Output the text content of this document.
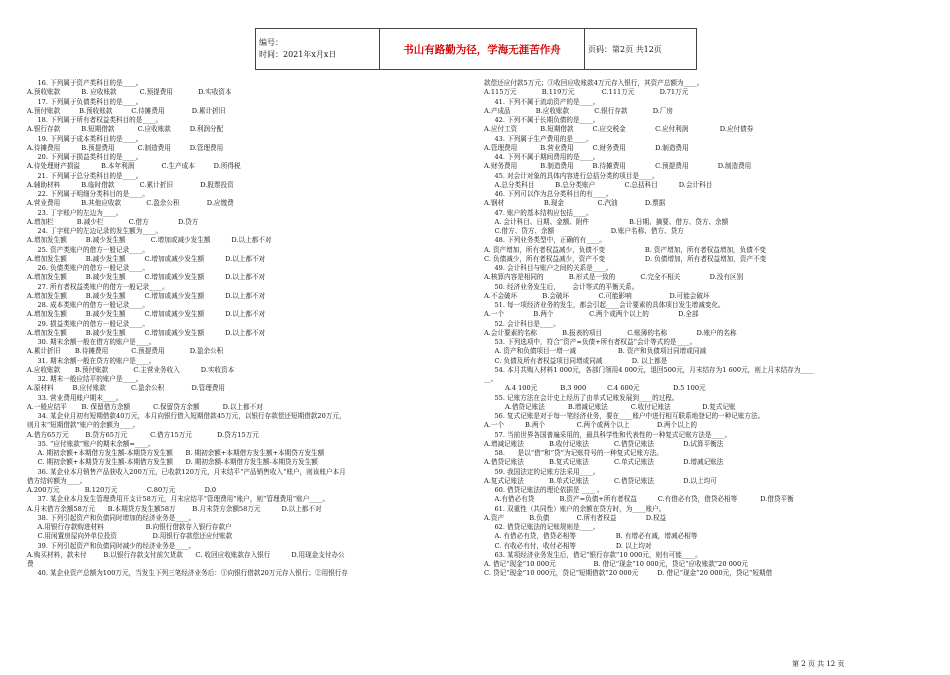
编号：
时间：2021年x月x日	书山有路勤为径，学海无涯苦作舟	页码：第2页 共12页
16. 下列属于资产类科目的是____。
A.预收账款          B. 应收账款           C.预提费用            D.实收资本
17. 下列属于负债类科目的是____。
A.预付账款         B.预收账款         C.待摊费用             D.累计折旧
18. 下列属于所有者权益类科目的是____。
A.银行存款          B.短期借款           C.应收账款         D.利润分配
19. 下列属于成本类科目的是____。
A.待摊费用          B.预提费用           C.制造费用         D.管理费用
20. 下列属于损益类科目的是____。
A.待处理财产损溢          B.本年利润             C.生产成本         D.所得税
21. 下列属于总分类科目的是____。
A.辅助材料          B.临时借款            C.累计折旧             D.股票投资
22. 下列属于明细分类科目的是____。
A.营业费用          B.其他应收款            C.盈余公积             D.应缴费
23. 丁字账户的左边为____。
A.增加栏           B.减少栏            C.借方              D.贷方
24. 丁字账户的左边记录的发生额为____。
A.增加发生额         B.减少发生额            C.增加或减少发生额          D.以上都不对
25. 资产类账户的借方一般记录____。
A.增加发生额         B.减少发生额         C.增加或减少发生额          D.以上都不对
26. 负债类账户的借方一般记录____。
A.增加发生额         B.减少发生额         C.增加或减少发生额          D.以上都不对
27. 所有者权益类账户的借方一般记录____。
A.增加发生额         B.减少发生额         C.增加或减少发生额          D.以上都不对
28. 成本类账户的借方一般记录____。
A.增加发生额         B.减少发生额         C.增加或减少发生额          D.以上都不对
29. 损益类账户的借方一般记录____。
A.增加发生额         B.减少发生额         C.增加或减少发生额          D.以上都不对
30. 期末余额一般在借方的账户是____。
A.累计折旧       B.待摊费用           C.预提费用            D.盈余公积
31. 期末余额一般在贷方的账户是____。
A.应收账款       B.预付账款            C.主营业务收入          D.实收资本
32. 期末一般应结平的账户是____。
A.原材料         B.应付账款            C.盈余公积             D.管理费用
33. 营业费用账户期末____。
A.一般应结平       B. 保留借方余额           C.保留贷方余额           D.以上都不对
34. 某企业月初有短期借款40万元，本月向银行借入短期借款45万元，以银行存款偿还短期借款20万元，
则月末“短期借款”账户的余额为____。
A.借方65万元        B.贷方65万元           C.借方15万元            D.贷方15万元
35. “应付账款”账户的期末余额=____。
A. 期初余额+本期借方发生额-本期贷方发生额      B. 期初余额+本期借方发生额+本期贷方发生额
C. 期初余额+本期贷方发生额-本期借方发生额      D. 期初余额-本期借方发生额-本期贷方发生额
36. 某企业本月销售产品获收入200万元，已收款120万元，月末结平“产品销售收入”账户，则该账户本月
借方结转额为____。
A.200万元            B.120万元              C.80万元              D.0
37. 某企业本月发生管理费用开支计58万元，月末应结平“管理费用”账户，则“管理费用”账户____。
A.月末借方余额58万元      B.本期贷方发生额58万        B.月末贷方余额58万元          D.以上都不对
38. 下列引起资产和负债同时增加的经济业务是____。
A.用银行存款购进材料                    B.向银行借款存入银行存款户
C.用闲置房屋向外单位投资                 D.用银行存款偿还应付账款
39. 下列引起资产和负债同时减少的经济业务是____。
A.购买材料，款未付        B.以银行存款支付前欠货款      C. 收回应收账款存入银行          D.用现金支付办公
费
40. 某企业资产总额为100万元，当发生下列三笔经济业务后：①向银行借款20万元存入银行；②用银行存
款偿还应付款5万元；③收回应收账款4万元存入银行，其资产总额为____。
A.115万元            B.119万元             C.111万元            D.71万元
41. 下列不属于流动资产的是____。
A.产成品            B.应收账款            C.银行存款            D.厂房
42. 下列不属于长期负债的是____。
A.应付工资           B.短期借款         C.应交税金              C.应付利润               D.应付债券
43. 下列属于生产费用的是____。
A.管理费用           B.营业费用         C.财务费用              D.制造费用
44. 下列不属于期间费用的是____。
A.财务费用           B.制造费用         B.待摊费用              C.预提费用              D.制造费用
45. 对会计对象的具体内容进行总括分类的项目是____。
A.总分类科目          B.总分类账户              C.总括科目          D.会计科目
46. 下列可以作为总分类科目的有____。
A.钢材                   B.现金                C.汽油             D.票据
47. 账户的基本结构应包括____。
A. 会计科目、日期、金额、附件                   B.日期、摘要、借方、贷方、余额
C.借方、贷方、余额                           D.账户名称、借方、贷方
48. 下列业务类型中，正确的有____。
A. 资产增加，所有者权益减少，负债不变                   B. 资产增加，所有者权益增加，负债不变
C. 负债减少，所有者权益减少，资产不变                   D. 负债增加，所有者权益增加，资产不变
49. 会计科目与账户之间的关系是____。
A.核算内容是相同的            B.形式是一致的            C.完全不相关              D.没有区别
50. 经济业务发生后，      会计等式的平衡关系。
A.不会破坏            B.会破坏              C.可能影响                  D.可能会破坏
51. 每一项经济业务的发生，都会引起____会计要素的具体项目发生增减变化。
A.一个              B.两个                 C.两个或两个以上的              D.全部
52. 会计科目是____。
A.会计要素的名称            B.报表的项目            C.账簿的名称              D.账户的名称
53. 下列选项中，符合“资产=负债+所有者权益”会计等式的是____。
A. 资产和负债项目一增一减                    B. 资产和负债项目同增或同减
C. 负债及所有者权益项目同增或同减              D. 以上都是
54. 本月共购入材料1 000元，各部门领用4 000元，退回500元，月末结存为1 600元，则上月末结存为____
__。
A.4 100元           B.3 900          C.4 600元                D.5 100元
55. 记账方法在会计史上经历了由单式记账发展到____的过程。
A.借贷记账法           B.增减记账法           C.收付记账法               D.复式记账
56. 复式记账是对于每一笔经济业务，要在____账户中进行相互联系地登记的一种记账方法。
A.一个          B.两个               C.两个或两个以上             D.两个以上的
57. 当前世界各国普遍采用的，最具科学性和代表性的一种复式记账方法是____。
A.增减记账法            B.收付记账法            C.借贷记账法              D.试算平衡法
58.      是以“借”和“贷”为记账符号的一种复式记账方法。
A.借贷记账法            B.复式记账法            C.单式记账法              D.增减记账法
59. 我国法定的记账方法采用____。
A.复式记账法            B.单式记账法            C.借贷记账法              D.以上均可
60. 借贷记账法的理论依据是 ____ 。
A.有借必有贷            B.资产=负债+所有者权益          C.有借必有贷，借贷必相等           D.借贷平衡
61. 双重性（共同性）账户的余额在贷方时，为____账户。
A.资产            B.负债             C.所有者权益              D.权益
62. 借贷记账法的记账规则是____。
A. 有借必有贷，借贷必相等                   B. 有增必有减，增减必相等
C. 有收必有付，收付必相等                   D. 以上均对
63. 某项经济业务发生后，借记“银行存款”10 000元，则有可能____。
A. 借记“现金”10 000元                  B. 借记“现金”10 000元，贷记“应收账款”20 000元
C. 贷记“现金”10 000元，贷记“短期借款”20 000元         D. 借记“现金”20 000元，贷记“短期借
第 2 页 共 12 页
